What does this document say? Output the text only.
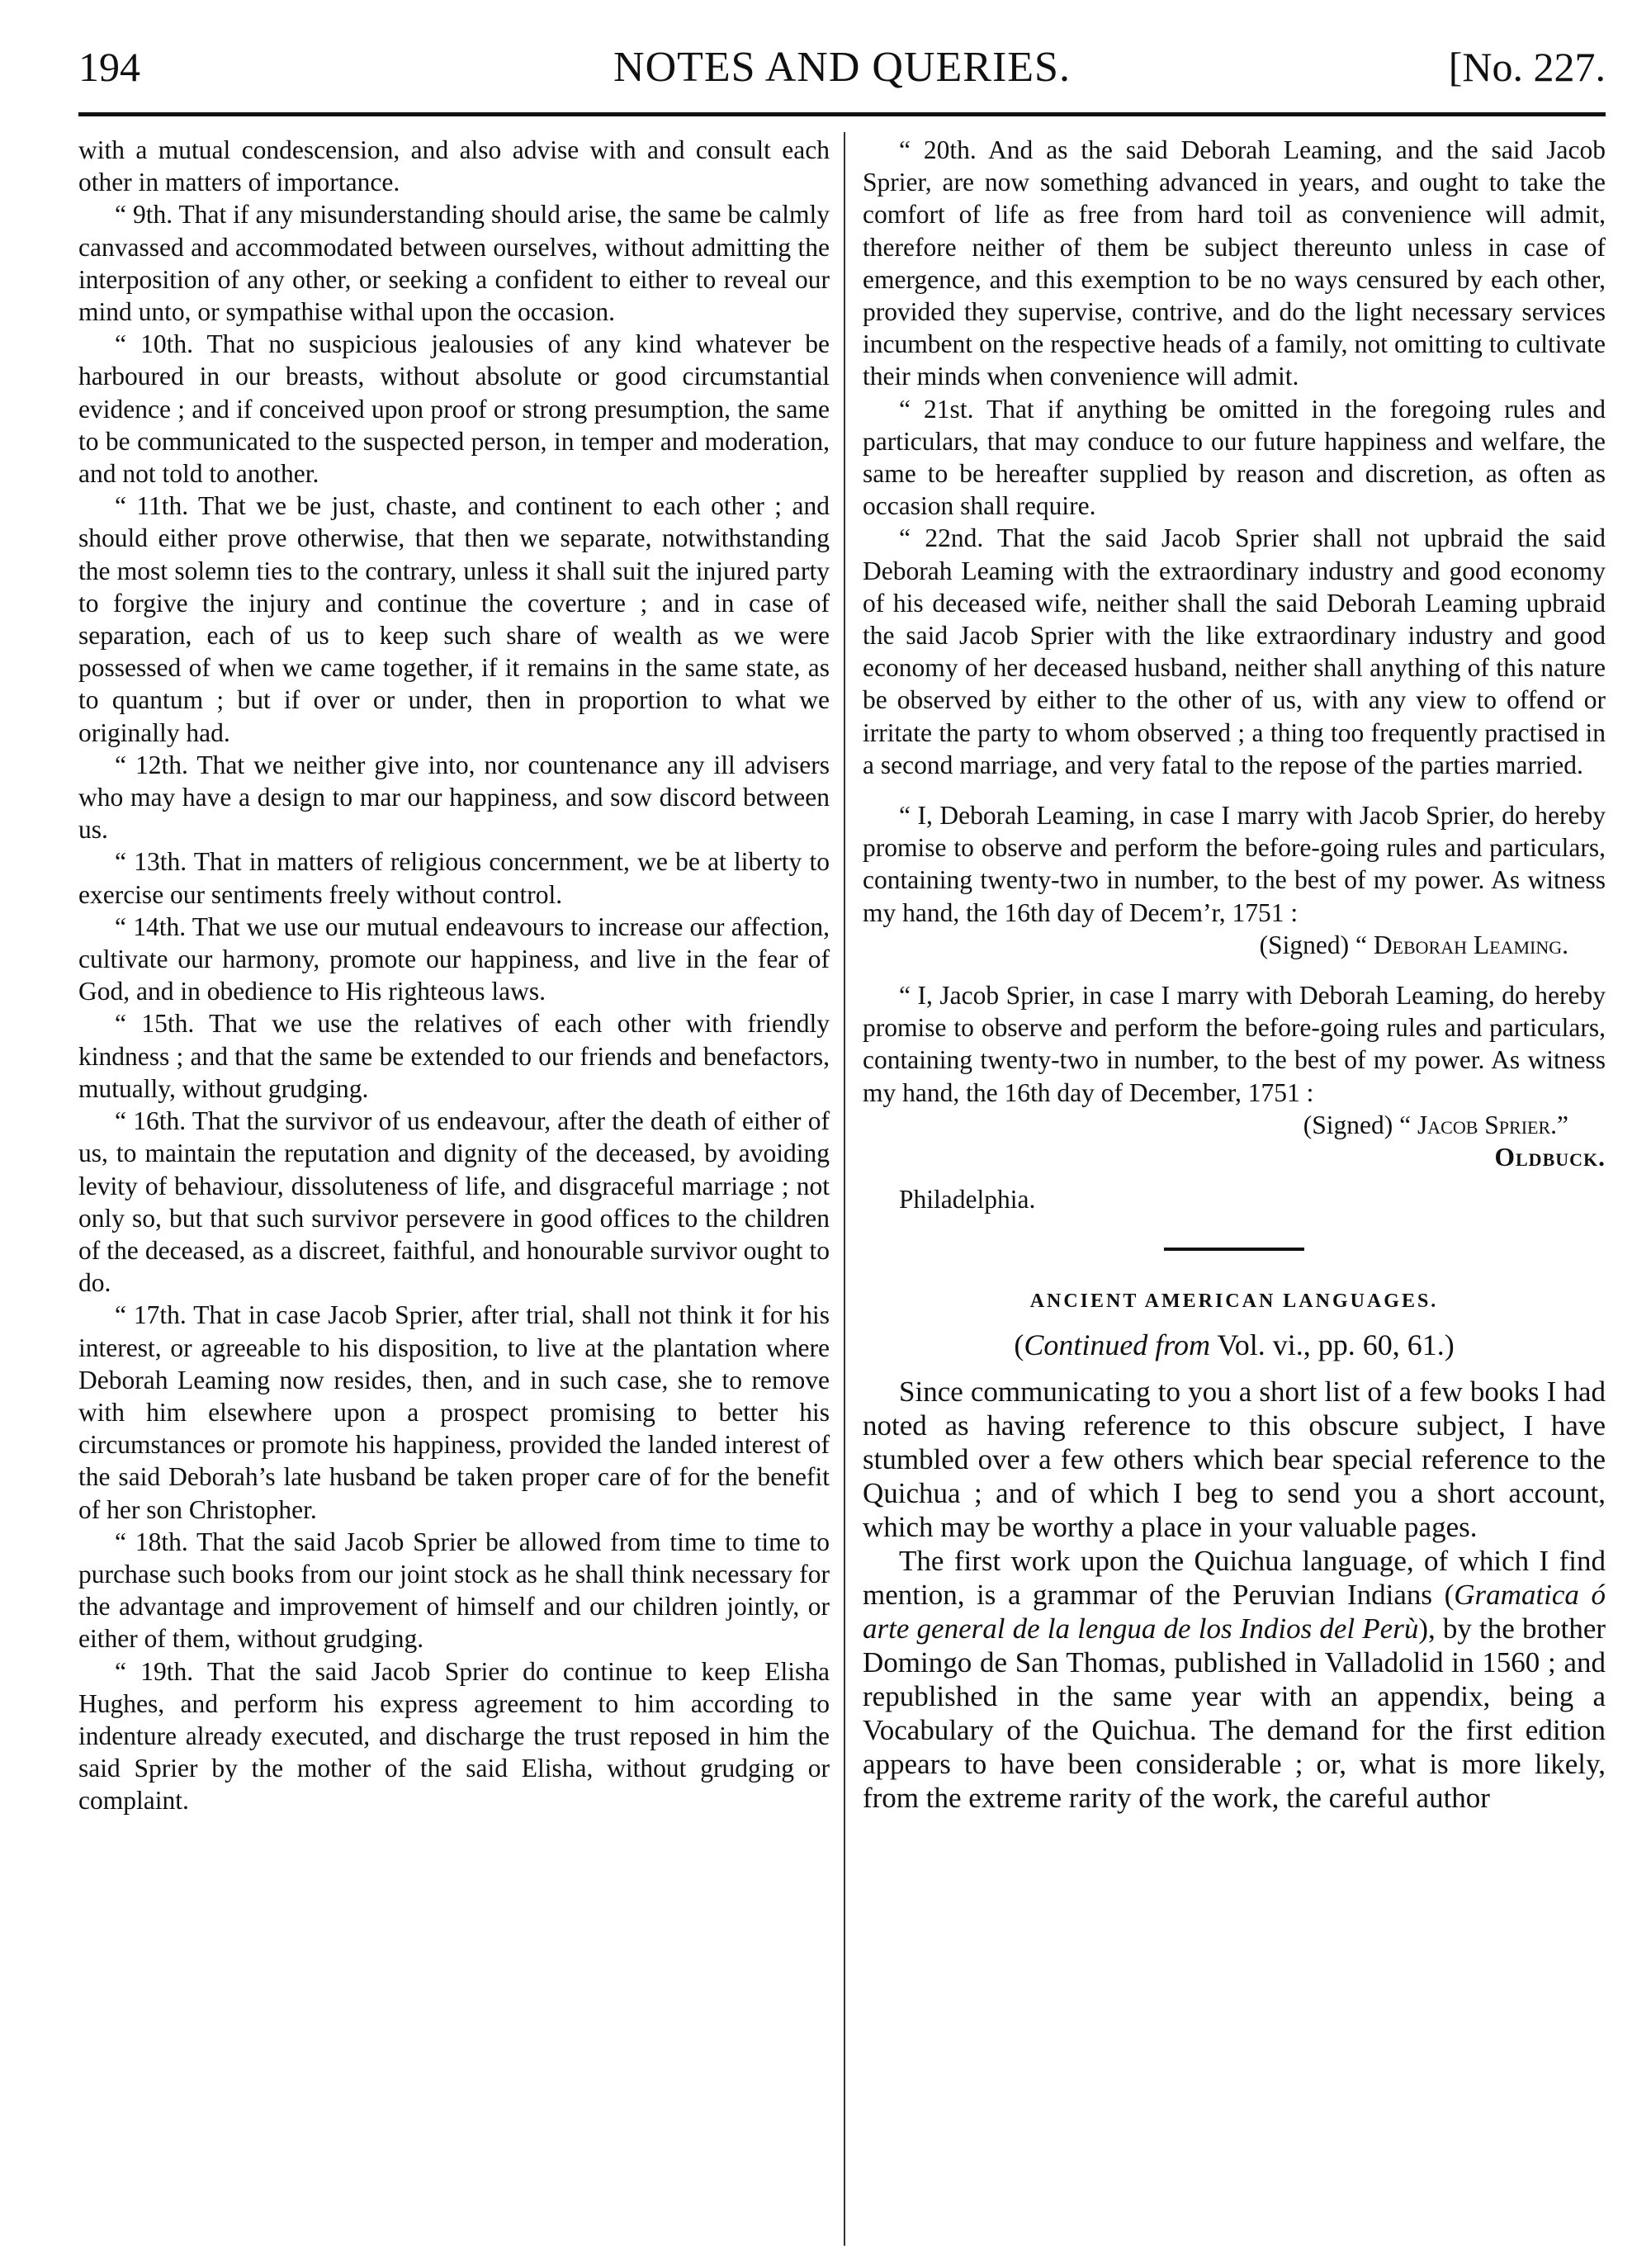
194	NOTES AND QUERIES.	[No. 227.

with a mutual condescension, and also advise with and consult each other in matters of importance.

“ 9th. That if any misunderstanding should arise, the same be calmly canvassed and accommodated between ourselves, without admitting the interposition of any other, or seeking a confident to either to reveal our mind unto, or sympathise withal upon the occasion.

“ 10th. That no suspicious jealousies of any kind whatever be harboured in our breasts, without absolute or good circumstantial evidence ; and if conceived upon proof or strong presumption, the same to be communicated to the suspected person, in temper and moderation, and not told to another.

“ 11th. That we be just, chaste, and continent to each other ; and should either prove otherwise, that then we separate, notwithstanding the most solemn ties to the contrary, unless it shall suit the injured party to forgive the injury and continue the coverture ; and in case of separation, each of us to keep such share of wealth as we were possessed of when we came together, if it remains in the same state, as to quantum ; but if over or under, then in proportion to what we originally had.

“ 12th. That we neither give into, nor countenance any ill advisers who may have a design to mar our happiness, and sow discord between us.

“ 13th. That in matters of religious concernment, we be at liberty to exercise our sentiments freely without control.

“ 14th. That we use our mutual endeavours to increase our affection, cultivate our harmony, promote our happiness, and live in the fear of God, and in obedience to His righteous laws.

“ 15th. That we use the relatives of each other with friendly kindness ; and that the same be extended to our friends and benefactors, mutually, without grudging.

“ 16th. That the survivor of us endeavour, after the death of either of us, to maintain the reputation and dignity of the deceased, by avoiding levity of behaviour, dissoluteness of life, and disgraceful marriage ; not only so, but that such survivor persevere in good offices to the children of the deceased, as a discreet, faithful, and honourable survivor ought to do.

“ 17th. That in case Jacob Sprier, after trial, shall not think it for his interest, or agreeable to his disposition, to live at the plantation where Deborah Leaming now resides, then, and in such case, she to remove with him elsewhere upon a prospect promising to better his circumstances or promote his happiness, provided the landed interest of the said Deborah’s late husband be taken proper care of for the benefit of her son Christopher.

“ 18th. That the said Jacob Sprier be allowed from time to time to purchase such books from our joint stock as he shall think necessary for the advantage and improvement of himself and our children jointly, or either of them, without grudging.

“ 19th. That the said Jacob Sprier do continue to keep Elisha Hughes, and perform his express agreement to him according to indenture already executed, and discharge the trust reposed in him the said Sprier by the mother of the said Elisha, without grudging or complaint.

“ 20th. And as the said Deborah Leaming, and the said Jacob Sprier, are now something advanced in years, and ought to take the comfort of life as free from hard toil as convenience will admit, therefore neither of them be subject thereunto unless in case of emergence, and this exemption to be no ways censured by each other, provided they supervise, contrive, and do the light necessary services incumbent on the respective heads of a family, not omitting to cultivate their minds when convenience will admit.

“ 21st. That if anything be omitted in the foregoing rules and particulars, that may conduce to our future happiness and welfare, the same to be hereafter supplied by reason and discretion, as often as occasion shall require.

“ 22nd. That the said Jacob Sprier shall not upbraid the said Deborah Leaming with the extraordinary industry and good economy of his deceased wife, neither shall the said Deborah Leaming upbraid the said Jacob Sprier with the like extraordinary industry and good economy of her deceased husband, neither shall anything of this nature be observed by either to the other of us, with any view to offend or irritate the party to whom observed ; a thing too frequently practised in a second marriage, and very fatal to the repose of the parties married.

“ I, Deborah Leaming, in case I marry with Jacob Sprier, do hereby promise to observe and perform the before-going rules and particulars, containing twenty-two in number, to the best of my power. As witness my hand, the 16th day of Decem’r, 1751 :

(Signed) “ Deborah Leaming.

“ I, Jacob Sprier, in case I marry with Deborah Leaming, do hereby promise to observe and perform the before-going rules and particulars, containing twenty-two in number, to the best of my power. As witness my hand, the 16th day of December, 1751 :

(Signed) “ Jacob Sprier.”

Oldbuck.

Philadelphia.

ANCIENT AMERICAN LANGUAGES.
(Continued from Vol. vi., pp. 60, 61.)

Since communicating to you a short list of a few books I had noted as having reference to this obscure subject, I have stumbled over a few others which bear special reference to the Quichua ; and of which I beg to send you a short account, which may be worthy a place in your valuable pages.

The first work upon the Quichua language, of which I find mention, is a grammar of the Peruvian Indians (Gramatica ó arte general de la lengua de los Indios del Perù), by the brother Domingo de San Thomas, published in Valladolid in 1560 ; and republished in the same year with an appendix, being a Vocabulary of the Quichua. The demand for the first edition appears to have been considerable ; or, what is more likely, from the extreme rarity of the work, the careful author
